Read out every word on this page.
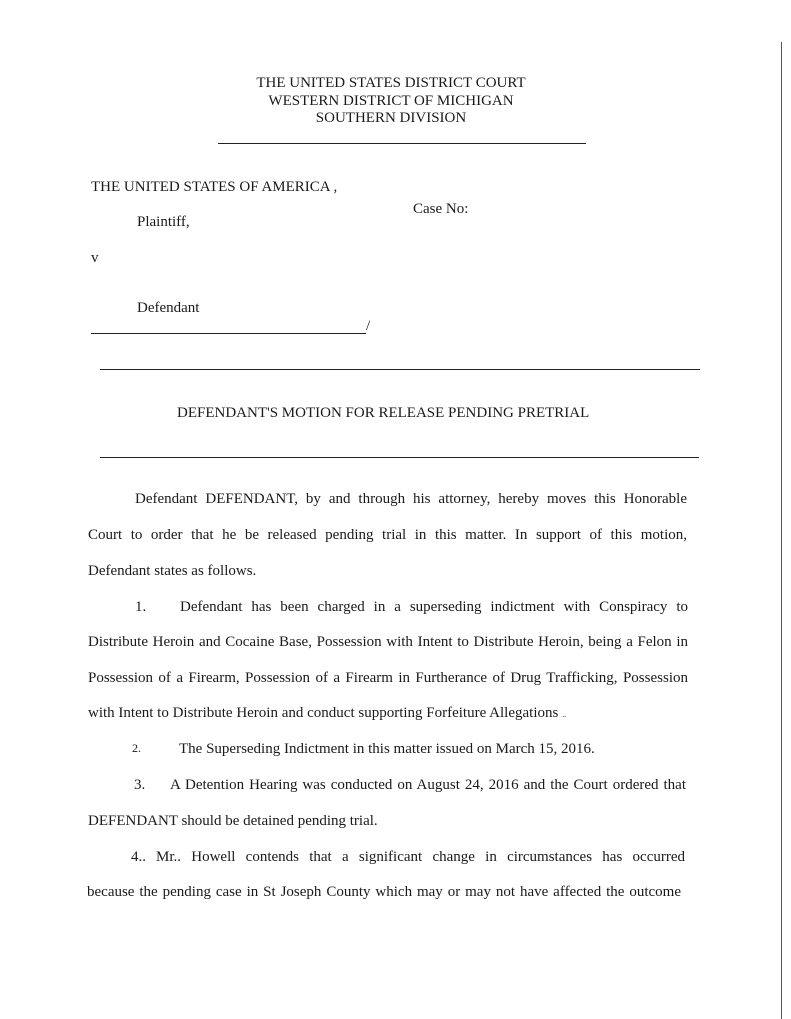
THE UNITED STATES DISTRICT COURT
WESTERN DISTRICT OF MICHIGAN
SOUTHERN DIVISION
THE UNITED STATES OF AMERICA ,
Case No:
Plaintiff,
v
Defendant
/
DEFENDANT'S MOTION FOR RELEASE PENDING PRETRIAL
Defendant DEFENDANT, by and through his attorney, hereby moves this Honorable
Court to order that he be released pending trial in this matter. In support of this motion,
Defendant states as follows.
1. Defendant has been charged in a superseding indictment with Conspiracy to
Distribute Heroin and Cocaine Base, Possession with Intent to Distribute Heroin, being a Felon in
Possession of a Firearm, Possession of a Firearm in Furtherance of Drug Trafficking, Possession
with Intent to Distribute Heroin and conduct supporting Forfeiture Allegations ..
2.	The Superseding Indictment in this matter issued on March 15, 2016.
3. A Detention Hearing was conducted on August 24, 2016 and the Court ordered that
DEFENDANT should be detained pending trial.
4.. Mr.. Howell contends that a significant change in circumstances has occurred
because the pending case in St Joseph County which may or may not have affected the outcome
